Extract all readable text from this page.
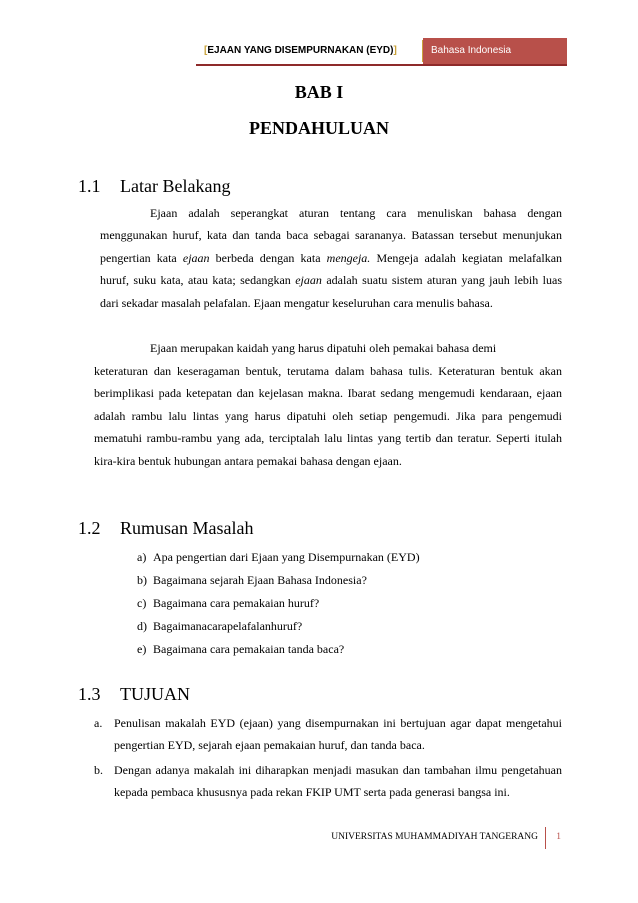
[EJAAN YANG DISEMPURNAKAN (EYD)]	Bahasa Indonesia
BAB I
PENDAHULUAN
1.1 Latar Belakang

Ejaan adalah seperangkat aturan tentang cara menuliskan bahasa dengan menggunakan huruf, kata dan tanda baca sebagai sarananya. Batassan tersebut menunjukan pengertian kata ejaan berbeda dengan kata mengeja. Mengeja adalah kegiatan melafalkan huruf, suku kata, atau kata; sedangkan ejaan adalah suatu sistem aturan yang jauh lebih luas dari sekadar masalah pelafalan. Ejaan mengatur keseluruhan cara menulis bahasa.

Ejaan merupakan kaidah yang harus dipatuhi oleh pemakai bahasa demi

keteraturan dan keseragaman bentuk, terutama dalam bahasa tulis. Keteraturan bentuk akan berimplikasi pada ketepatan dan kejelasan makna. Ibarat sedang mengemudi kendaraan, ejaan adalah rambu lalu lintas yang harus dipatuhi oleh setiap pengemudi. Jika para pengemudi mematuhi rambu-rambu yang ada, terciptalah lalu lintas yang tertib dan teratur. Seperti itulah kira-kira bentuk hubungan antara pemakai bahasa dengan ejaan.

1.2 Rumusan Masalah
a) Apa pengertian dari Ejaan yang Disempurnakan (EYD)
b) Bagaimana sejarah Ejaan Bahasa Indonesia?
c) Bagaimana cara pemakaian huruf?
d) Bagaimanacarapelafalanhuruf?
e) Bagaimana cara pemakaian tanda baca?
1.3 TUJUAN
a. Penulisan makalah EYD (ejaan) yang disempurnakan ini bertujuan agar dapat mengetahui pengertian EYD, sejarah ejaan pemakaian huruf, dan tanda baca.
b. Dengan adanya makalah ini diharapkan menjadi masukan dan tambahan ilmu pengetahuan kepada pembaca khususnya pada rekan FKIP UMT serta pada generasi bangsa ini.
UNIVERSITAS MUHAMMADIYAH TANGERANG 1
